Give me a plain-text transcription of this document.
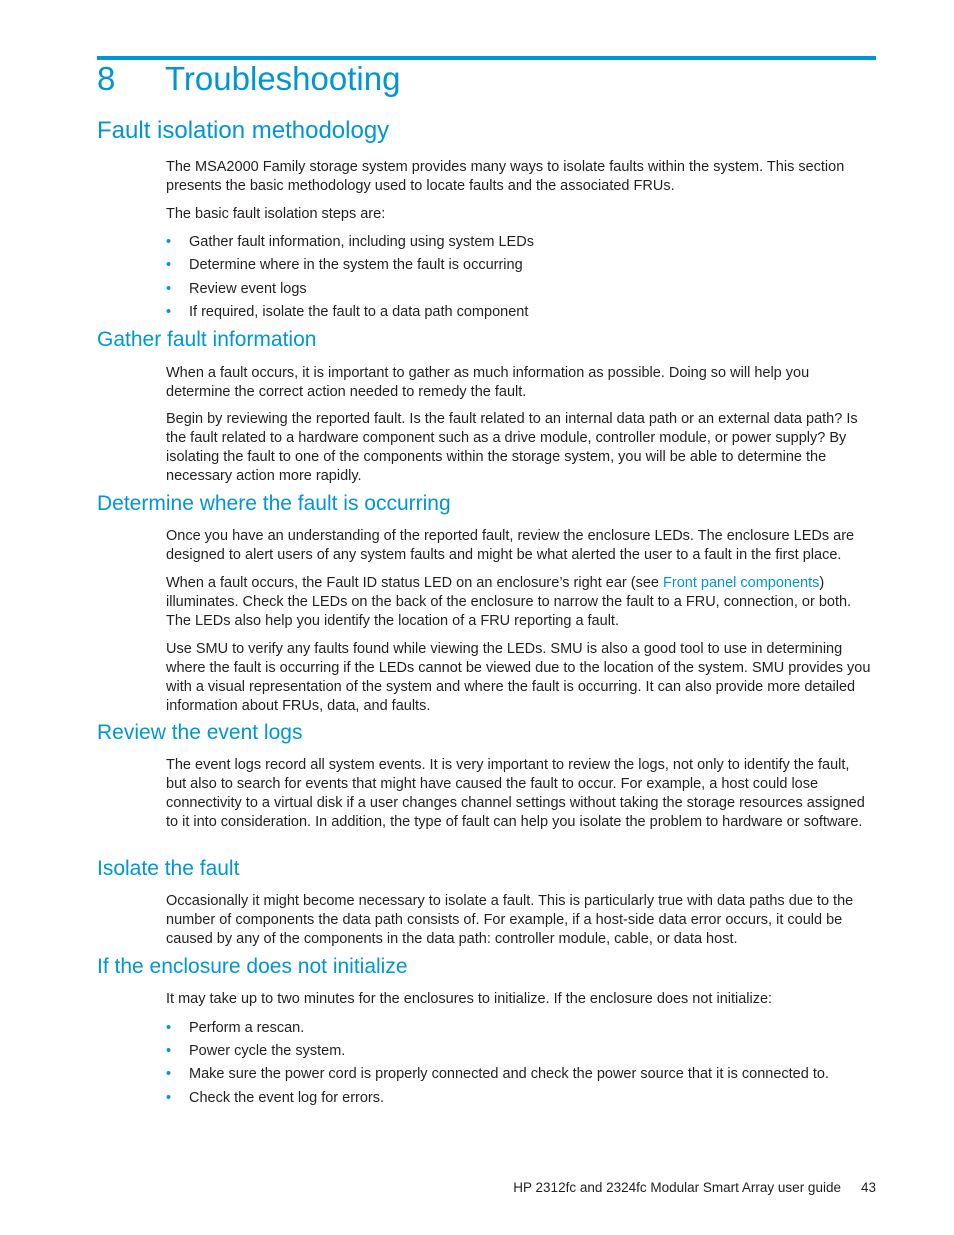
8 Troubleshooting
Fault isolation methodology

The MSA2000 Family storage system provides many ways to isolate faults within the system. This section presents the basic methodology used to locate faults and the associated FRUs.

The basic fault isolation steps are:

• Gather fault information, including using system LEDs
• Determine where in the system the fault is occurring
• Review event logs
• If required, isolate the fault to a data path component
Gather fault information

When a fault occurs, it is important to gather as much information as possible. Doing so will help you determine the correct action needed to remedy the fault.

Begin by reviewing the reported fault. Is the fault related to an internal data path or an external data path? Is the fault related to a hardware component such as a drive module, controller module, or power supply? By isolating the fault to one of the components within the storage system, you will be able to determine the necessary action more rapidly.

Determine where the fault is occurring

Once you have an understanding of the reported fault, review the enclosure LEDs. The enclosure LEDs are designed to alert users of any system faults and might be what alerted the user to a fault in the first place.

When a fault occurs, the Fault ID status LED on an enclosure’s right ear (see Front panel components) illuminates. Check the LEDs on the back of the enclosure to narrow the fault to a FRU, connection, or both. The LEDs also help you identify the location of a FRU reporting a fault.

Use SMU to verify any faults found while viewing the LEDs. SMU is also a good tool to use in determining where the fault is occurring if the LEDs cannot be viewed due to the location of the system. SMU provides you with a visual representation of the system and where the fault is occurring. It can also provide more detailed information about FRUs, data, and faults.

Review the event logs

The event logs record all system events. It is very important to review the logs, not only to identify the fault, but also to search for events that might have caused the fault to occur. For example, a host could lose connectivity to a virtual disk if a user changes channel settings without taking the storage resources assigned to it into consideration. In addition, the type of fault can help you isolate the problem to hardware or software.

Isolate the fault

Occasionally it might become necessary to isolate a fault. This is particularly true with data paths due to the number of components the data path consists of. For example, if a host-side data error occurs, it could be caused by any of the components in the data path: controller module, cable, or data host.

If the enclosure does not initialize

It may take up to two minutes for the enclosures to initialize. If the enclosure does not initialize:

• Perform a rescan.
• Power cycle the system.
• Make sure the power cord is properly connected and check the power source that it is connected to.
• Check the event log for errors.
HP 2312fc and 2324fc Modular Smart Array user guide 43
